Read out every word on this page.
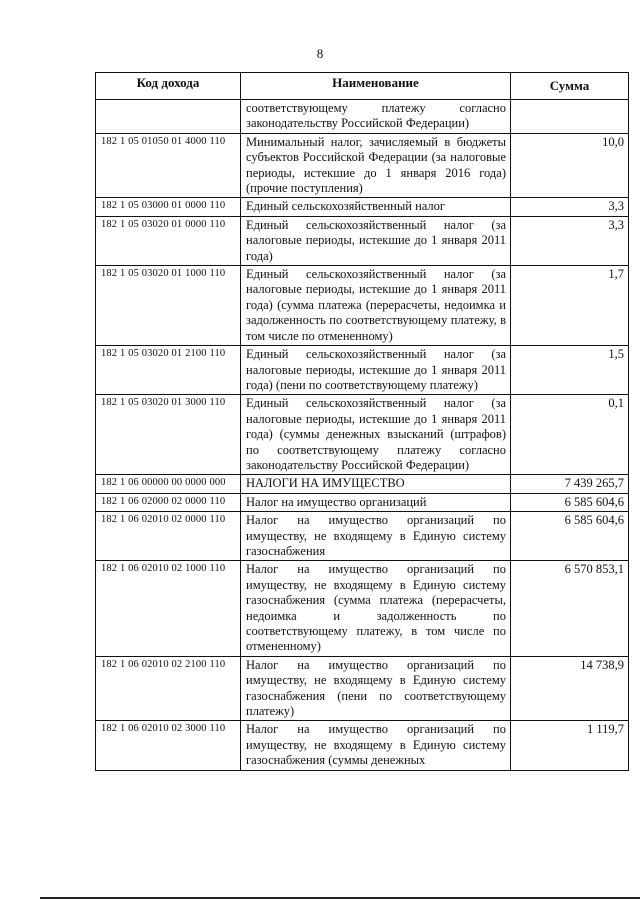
8
Код дохода	Наименование	Сумма
	соответствующему платежу согласно законодательству Российской Федерации)	
182 1 05 01050 01 4000 110	Минимальный налог, зачисляемый в бюджеты субъектов Российской Федерации (за налоговые периоды, истекшие до 1 января 2016 года) (прочие поступления)	10,0
182 1 05 03000 01 0000 110	Единый сельскохозяйственный налог	3,3
182 1 05 03020 01 0000 110	Единый сельскохозяйственный налог (за налоговые периоды, истекшие до 1 января 2011 года)	3,3
182 1 05 03020 01 1000 110	Единый сельскохозяйственный налог (за налоговые периоды, истекшие до 1 января 2011 года) (сумма платежа (перерасчеты, недоимка и задолженность по соответствующему платежу, в том числе по отмененному)	1,7
182 1 05 03020 01 2100 110	Единый сельскохозяйственный налог (за налоговые периоды, истекшие до 1 января 2011 года) (пени по соответствующему платежу)	1,5
182 1 05 03020 01 3000 110	Единый сельскохозяйственный налог (за налоговые периоды, истекшие до 1 января 2011 года) (суммы денежных взысканий (штрафов) по соответствующему платежу согласно законодательству Российской Федерации)	0,1
182 1 06 00000 00 0000 000	НАЛОГИ НА ИМУЩЕСТВО	7 439 265,7
182 1 06 02000 02 0000 110	Налог на имущество организаций	6 585 604,6
182 1 06 02010 02 0000 110	Налог на имущество организаций по имуществу, не входящему в Единую систему газоснабжения	6 585 604,6
182 1 06 02010 02 1000 110	Налог на имущество организаций по имуществу, не входящему в Единую систему газоснабжения (сумма платежа (перерасчеты, недоимка и задолженность по соответствующему платежу, в том числе по отмененному)	6 570 853,1
182 1 06 02010 02 2100 110	Налог на имущество организаций по имуществу, не входящему в Единую систему газоснабжения (пени по соответствующему платежу)	14 738,9
182 1 06 02010 02 3000 110	Налог на имущество организаций по имуществу, не входящему в Единую систему газоснабжения (суммы денежных	1 119,7
